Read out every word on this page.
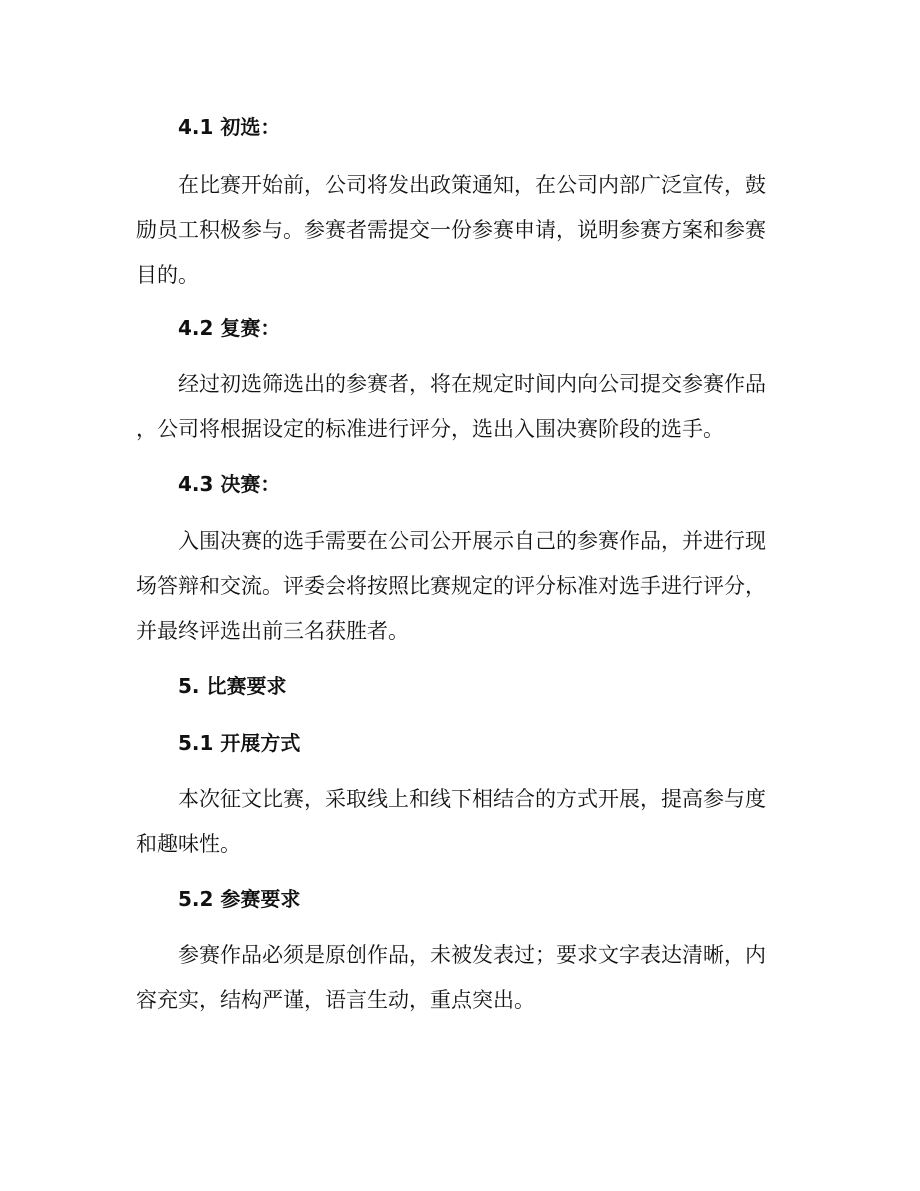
4.1 初选：
在比赛开始前，公司将发出政策通知，在公司内部广泛宣传，鼓
励员工积极参与。参赛者需提交一份参赛申请，说明参赛方案和参赛
目的。
4.2 复赛：
经过初选筛选出的参赛者，将在规定时间内向公司提交参赛作品
，公司将根据设定的标准进行评分，选出入围决赛阶段的选手。
4.3 决赛：
入围决赛的选手需要在公司公开展示自己的参赛作品，并进行现
场答辩和交流。评委会将按照比赛规定的评分标准对选手进行评分，
并最终评选出前三名获胜者。
5. 比赛要求
5.1 开展方式
本次征文比赛，采取线上和线下相结合的方式开展，提高参与度
和趣味性。
5.2 参赛要求
参赛作品必须是原创作品，未被发表过；要求文字表达清晰，内
容充实，结构严谨，语言生动，重点突出。
